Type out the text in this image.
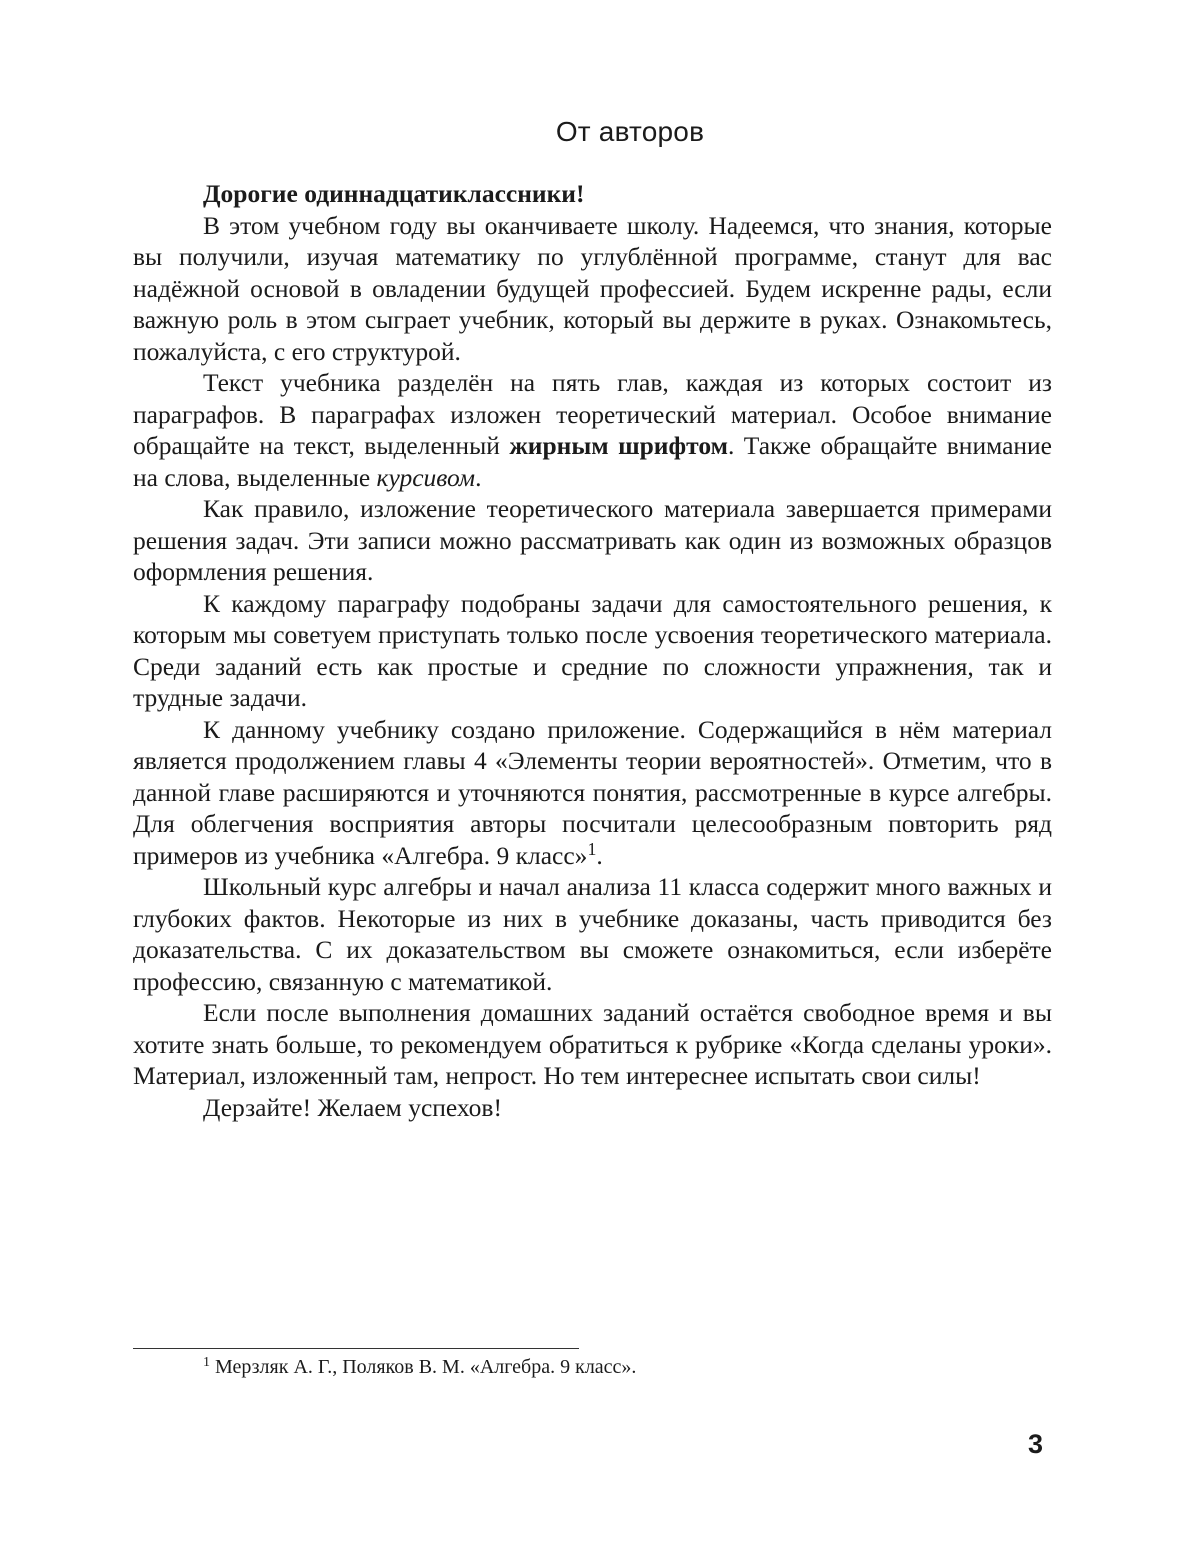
От авторов

Дорогие одиннадцатиклассники!

В этом учебном году вы оканчиваете школу. Надеемся, что знания, которые вы получили, изучая математику по углублённой программе, станут для вас надёжной основой в овладении будущей профессией. Будем искренне рады, если важную роль в этом сыграет учебник, который вы держите в руках. Ознакомьтесь, пожалуйста, с его структурой.

Текст учебника разделён на пять глав, каждая из которых состоит из параграфов. В параграфах изложен теоретический материал. Особое внимание обращайте на текст, выделенный жирным шрифтом. Также обращайте внимание на слова, выделенные курсивом.

Как правило, изложение теоретического материала завершается примерами решения задач. Эти записи можно рассматривать как один из возможных образцов оформления решения.

К каждому параграфу подобраны задачи для самостоятельного решения, к которым мы советуем приступать только после усвоения теоретического материала. Среди заданий есть как простые и средние по сложности упражнения, так и трудные задачи.

К данному учебнику создано приложение. Содержащийся в нём материал является продолжением главы 4 «Элементы теории вероятностей». Отметим, что в данной главе расширяются и уточняются понятия, рассмотренные в курсе алгебры. Для облегчения восприятия авторы посчитали целесообразным повторить ряд примеров из учебника «Алгебра. 9 класс»$^1$.

Школьный курс алгебры и начал анализа 11 класса содержит много важных и глубоких фактов. Некоторые из них в учебнике доказаны, часть приводится без доказательства. С их доказательством вы сможете ознакомиться, если изберёте профессию, связанную с математикой.

Если после выполнения домашних заданий остаётся свободное время и вы хотите знать больше, то рекомендуем обратиться к рубрике «Когда сделаны уроки». Материал, изложенный там, непрост. Но тем интереснее испытать свои силы!

Дерзайте! Желаем успехов!

$^1$ Мерзляк А. Г., Поляков В. М. «Алгебра. 9 класс».
3
